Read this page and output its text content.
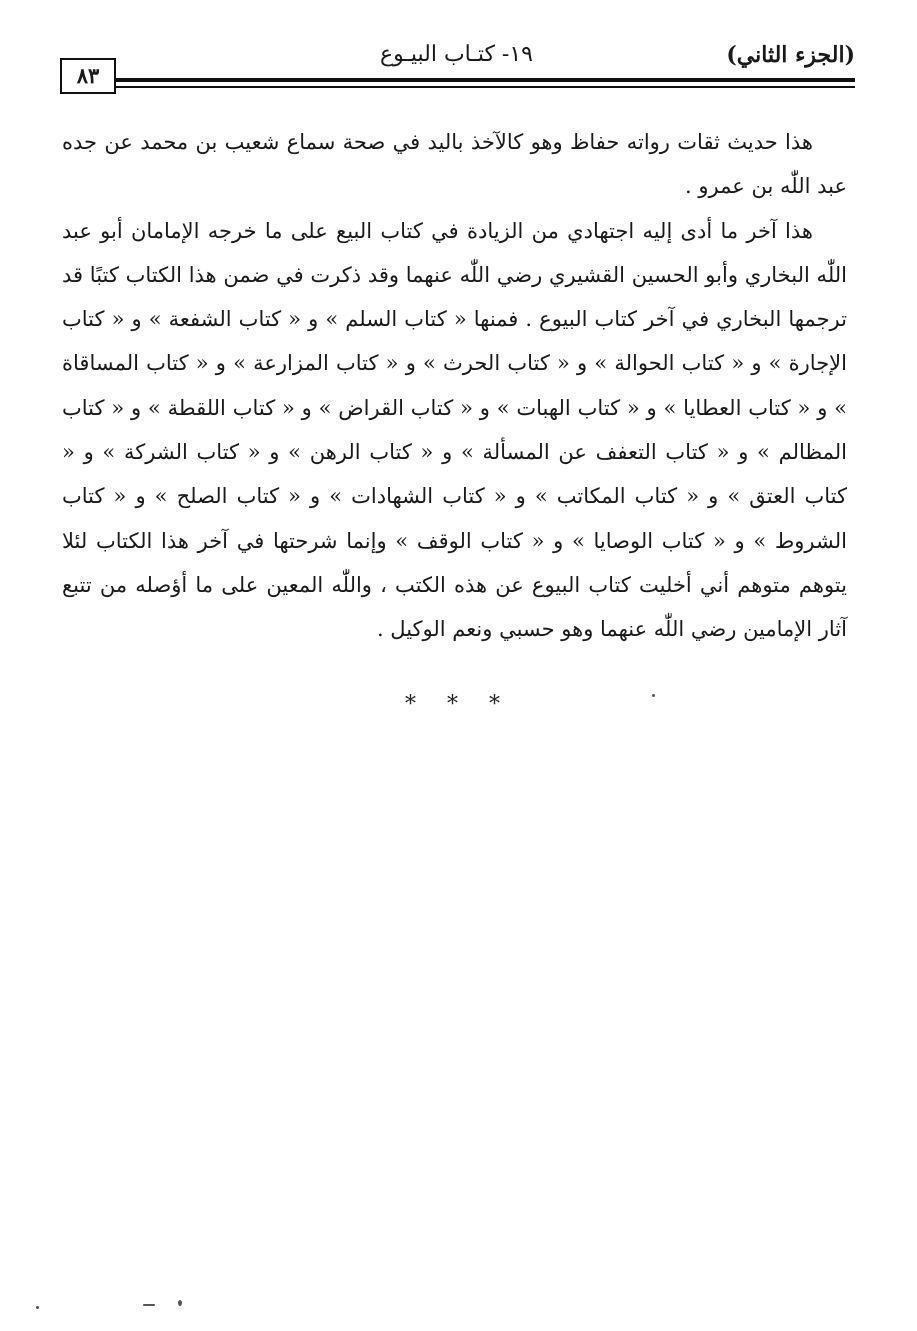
(الجزء الثاني)
١٩- كتـاب البيـوع
٨٣

هذا حديث ثقات رواته حفاظ وهو كالآخذ باليد في صحة سماع شعيب بن محمد عن جده عبد اللّٰه بن عمرو .

هذا آخر ما أدى إليه اجتهادي من الزيادة في كتاب البيع على ما خرجه الإمامان أبو عبد اللّٰه البخاري وأبو الحسين القشيري رضي اللّٰه عنهما وقد ذكرت في ضمن هذا الكتاب كتبًا قد ترجمها البخاري في آخر كتاب البيوع . فمنها « كتاب السلم » و « كتاب الشفعة » و « كتاب الإجارة » و « كتاب الحوالة » و « كتاب الحرث » و « كتاب المزارعة » و « كتاب المساقاة » و « كتاب العطايا » و « كتاب الهبات » و « كتاب القراض » و « كتاب اللقطة » و « كتاب المظالم » و « كتاب التعفف عن المسألة » و « كتاب الرهن » و « كتاب الشركة » و « كتاب العتق » و « كتاب المكاتب » و « كتاب الشهادات » و « كتاب الصلح » و « كتاب الشروط » و « كتاب الوصايا » و « كتاب الوقف » وإنما شرحتها في آخر هذا الكتاب لئلا يتوهم متوهم أني أخليت كتاب البيوع عن هذه الكتب ، واللّٰه المعين على ما أؤصله من تتبع آثار الإمامين رضي اللّٰه عنهما وهو حسبي ونعم الوكيل .

* * *
